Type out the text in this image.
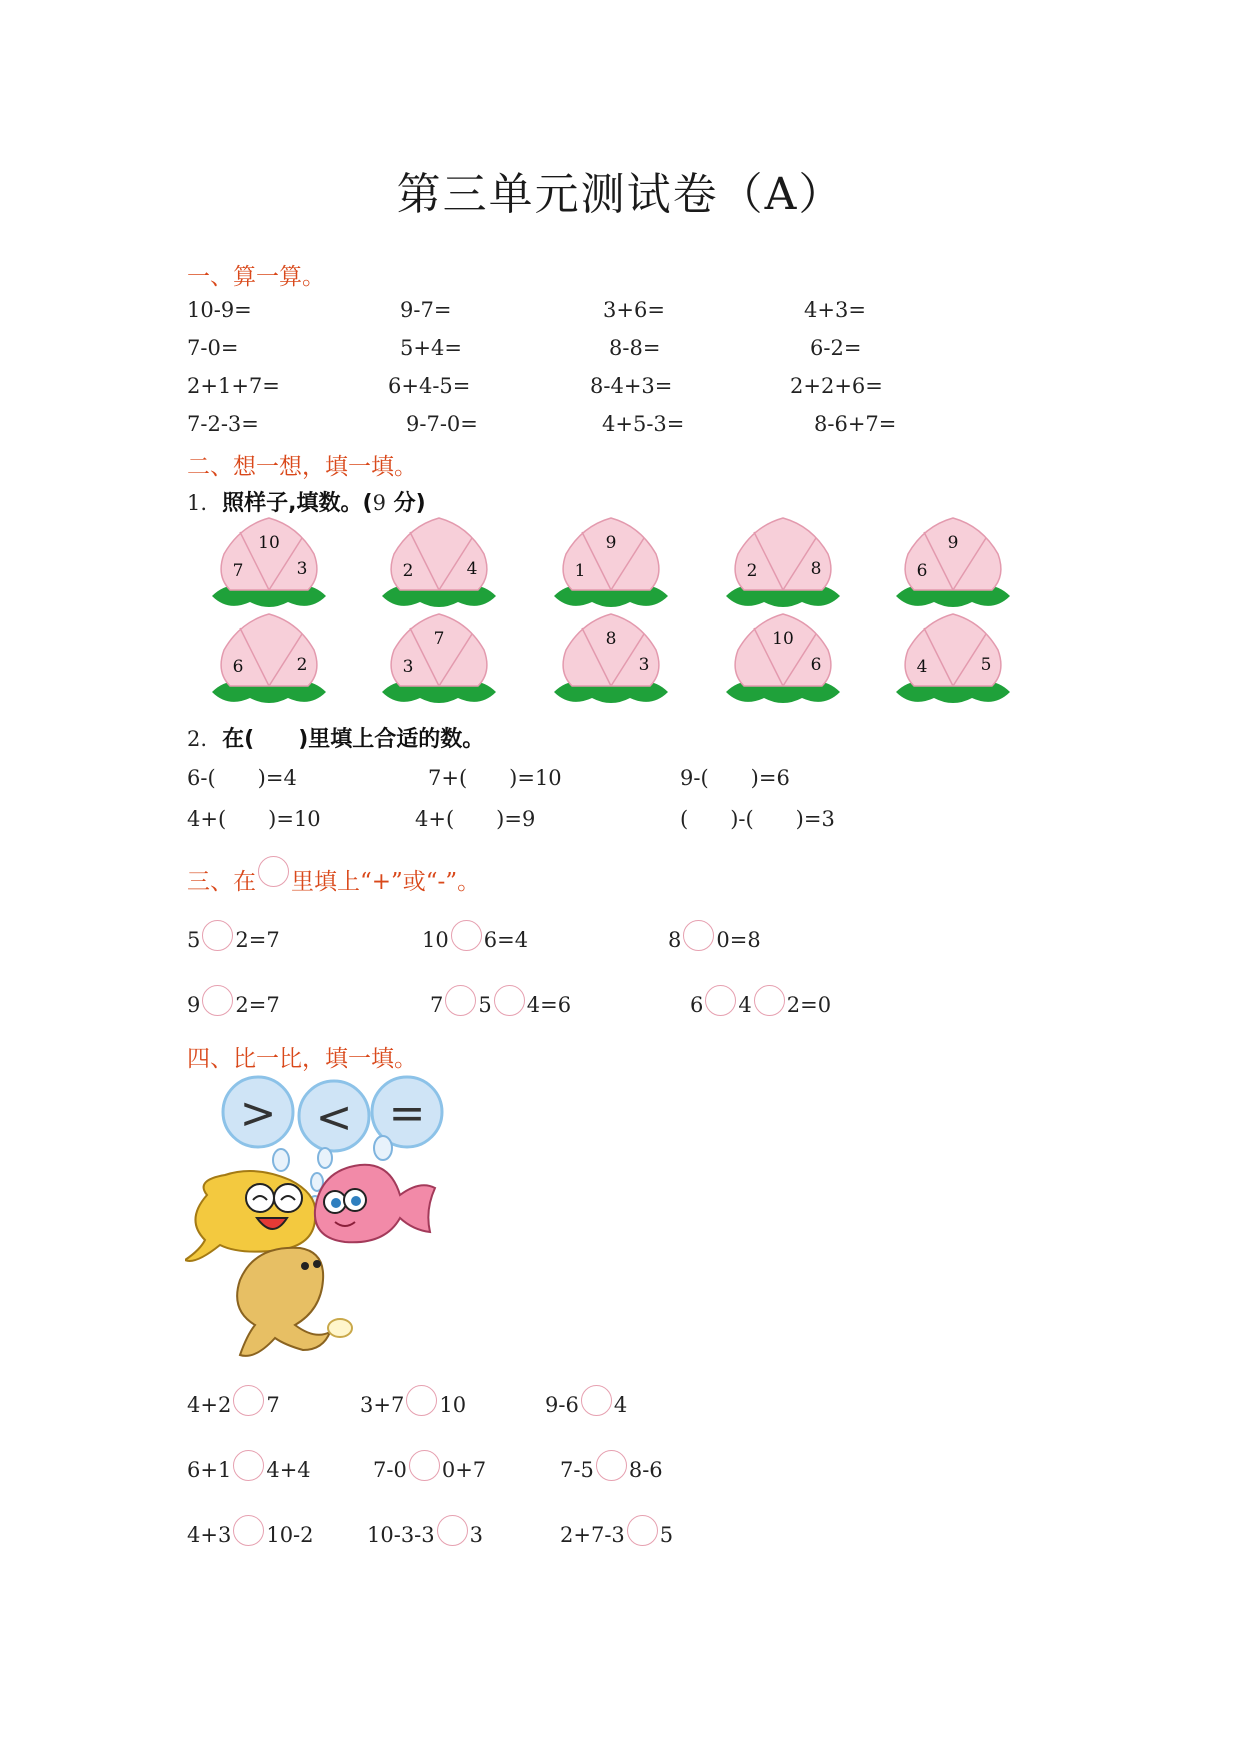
第三单元测试卷（A）
一、算一算。
10-9=	9-7=	3+6=	4+3=
7-0=	5+4=	8-8=	6-2=
2+1+7=	6+4-5=	8-4+3=	2+2+6=
7-2-3=	9-7-0=	4+5-3=	8-6+7=
二、想一想，填一填。
1. 照样子,填数。(9 分)
10
7	3	2	4
9
1	2	8
9
6
6	2
7
3
8
3
10
6	4	5
2. 在(　　)里填上合适的数。
6-(　　)=4	7+(　　)=10	9-(　　)=6
4+(　　)=10	4+(　　)=9	(　　)-(　　)=3
三、在 里填上“+”或“-”。
5 2=7	10 6=4	8 0=8
9 2=7	7 5 4=6	6 4 2=0
四、比一比，填一填。
> < =
4+2 7	3+7 10	9-6 4
6+1 4+4	7-0 0+7	7-5 8-6
4+3 10-2	10-3-3 3	2+7-3 5
